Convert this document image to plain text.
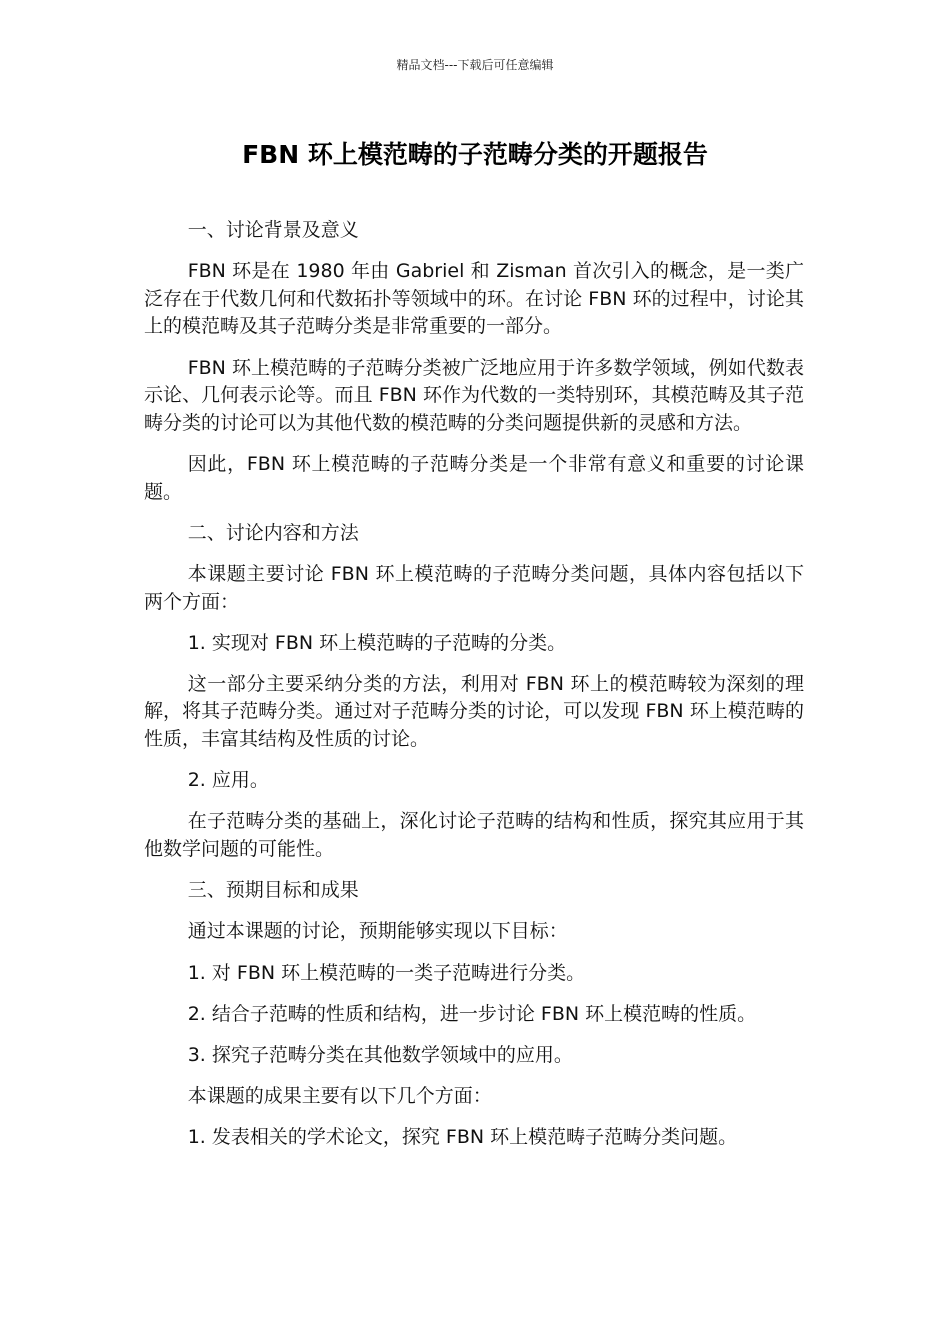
精品文档---下载后可任意编辑
FBN 环上模范畴的子范畴分类的开题报告

一、讨论背景及意义

FBN 环是在 1980 年由 Gabriel 和 Zisman 首次引入的概念，是一类广泛存在于代数几何和代数拓扑等领域中的环。在讨论 FBN 环的过程中，讨论其上的模范畴及其子范畴分类是非常重要的一部分。

FBN 环上模范畴的子范畴分类被广泛地应用于许多数学领域，例如代数表示论、几何表示论等。而且 FBN 环作为代数的一类特别环，其模范畴及其子范畴分类的讨论可以为其他代数的模范畴的分类问题提供新的灵感和方法。

因此，FBN 环上模范畴的子范畴分类是一个非常有意义和重要的讨论课题。

二、讨论内容和方法

本课题主要讨论 FBN 环上模范畴的子范畴分类问题，具体内容包括以下两个方面：

1. 实现对 FBN 环上模范畴的子范畴的分类。

这一部分主要采纳分类的方法，利用对 FBN 环上的模范畴较为深刻的理解，将其子范畴分类。通过对子范畴分类的讨论，可以发现 FBN 环上模范畴的性质，丰富其结构及性质的讨论。

2. 应用。

在子范畴分类的基础上，深化讨论子范畴的结构和性质，探究其应用于其他数学问题的可能性。

三、预期目标和成果

通过本课题的讨论，预期能够实现以下目标：

1. 对 FBN 环上模范畴的一类子范畴进行分类。

2. 结合子范畴的性质和结构，进一步讨论 FBN 环上模范畴的性质。

3. 探究子范畴分类在其他数学领域中的应用。

本课题的成果主要有以下几个方面：

1. 发表相关的学术论文，探究 FBN 环上模范畴子范畴分类问题。
